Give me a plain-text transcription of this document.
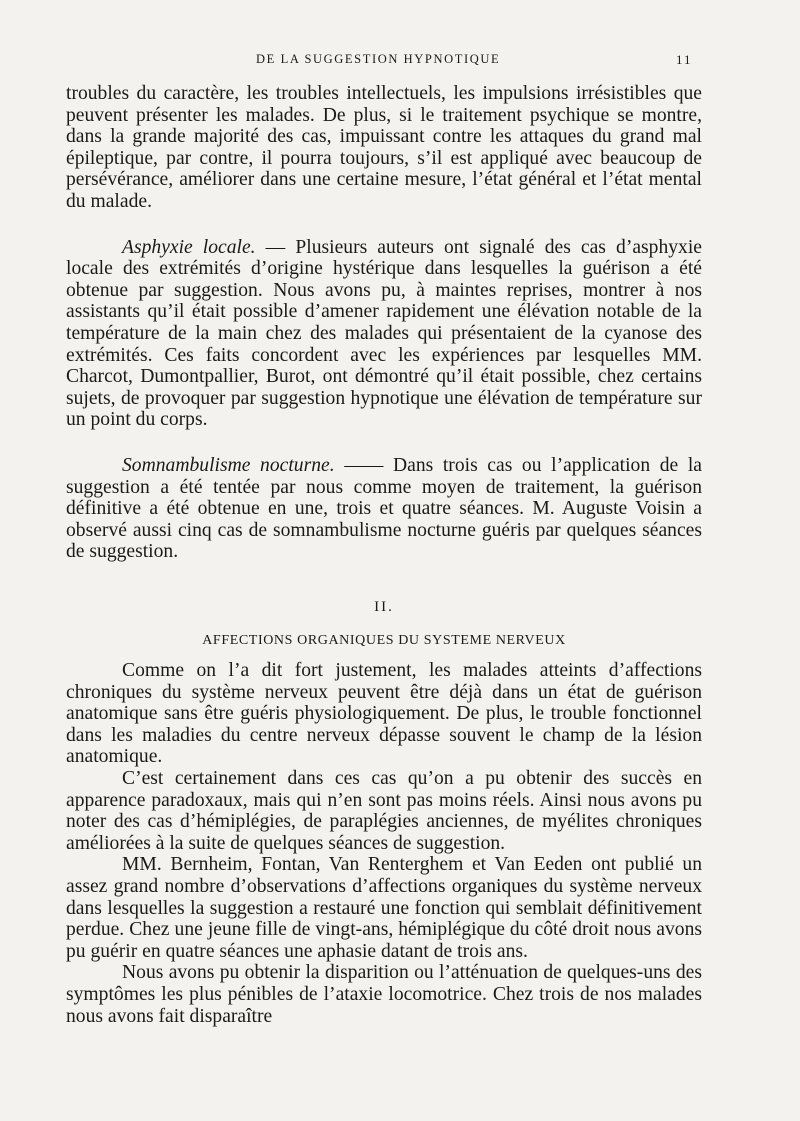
DE LA SUGGESTION HYPNOTIQUE	11

troubles du caractère, les troubles intellectuels, les impulsions irrésistibles que peuvent présenter les malades. De plus, si le traitement psychique se montre, dans la grande majorité des cas, impuissant contre les attaques du grand mal épileptique, par contre, il pourra toujours, s’il est appliqué avec beaucoup de persévérance, améliorer dans une certaine mesure, l’état général et l’état mental du malade.

Asphyxie locale. — Plusieurs auteurs ont signalé des cas d’asphyxie locale des extrémités d’origine hystérique dans lesquelles la guérison a été obtenue par suggestion. Nous avons pu, à maintes reprises, montrer à nos assistants qu’il était possible d’amener rapidement une élévation notable de la température de la main chez des malades qui présentaient de la cyanose des extrémités. Ces faits concordent avec les expériences par lesquelles MM. Charcot, Dumontpallier, Burot, ont démontré qu’il était possible, chez certains sujets, de provoquer par suggestion hypnotique une élévation de température sur un point du corps.

Somnambulisme nocturne. —— Dans trois cas ou l’application de la suggestion a été tentée par nous comme moyen de traitement, la guérison définitive a été obtenue en une, trois et quatre séances. M. Auguste Voisin a observé aussi cinq cas de somnambulisme nocturne guéris par quelques séances de suggestion.

II.
AFFECTIONS ORGANIQUES DU SYSTEME NERVEUX

Comme on l’a dit fort justement, les malades atteints d’affections chroniques du système nerveux peuvent être déjà dans un état de guérison anatomique sans être guéris physiologiquement. De plus, le trouble fonctionnel dans les maladies du centre nerveux dépasse souvent le champ de la lésion anatomique.

C’est certainement dans ces cas qu’on a pu obtenir des succès en apparence paradoxaux, mais qui n’en sont pas moins réels. Ainsi nous avons pu noter des cas d’hémiplégies, de paraplégies anciennes, de myélites chroniques améliorées à la suite de quelques séances de suggestion.

MM. Bernheim, Fontan, Van Renterghem et Van Eeden ont publié un assez grand nombre d’observations d’affections organiques du système nerveux dans lesquelles la suggestion a restauré une fonction qui semblait définitivement perdue. Chez une jeune fille de vingt-ans, hémiplégique du côté droit nous avons pu guérir en quatre séances une aphasie datant de trois ans.

Nous avons pu obtenir la disparition ou l’atténuation de quelques-uns des symptômes les plus pénibles de l’ataxie locomotrice. Chez trois de nos malades nous avons fait disparaître
